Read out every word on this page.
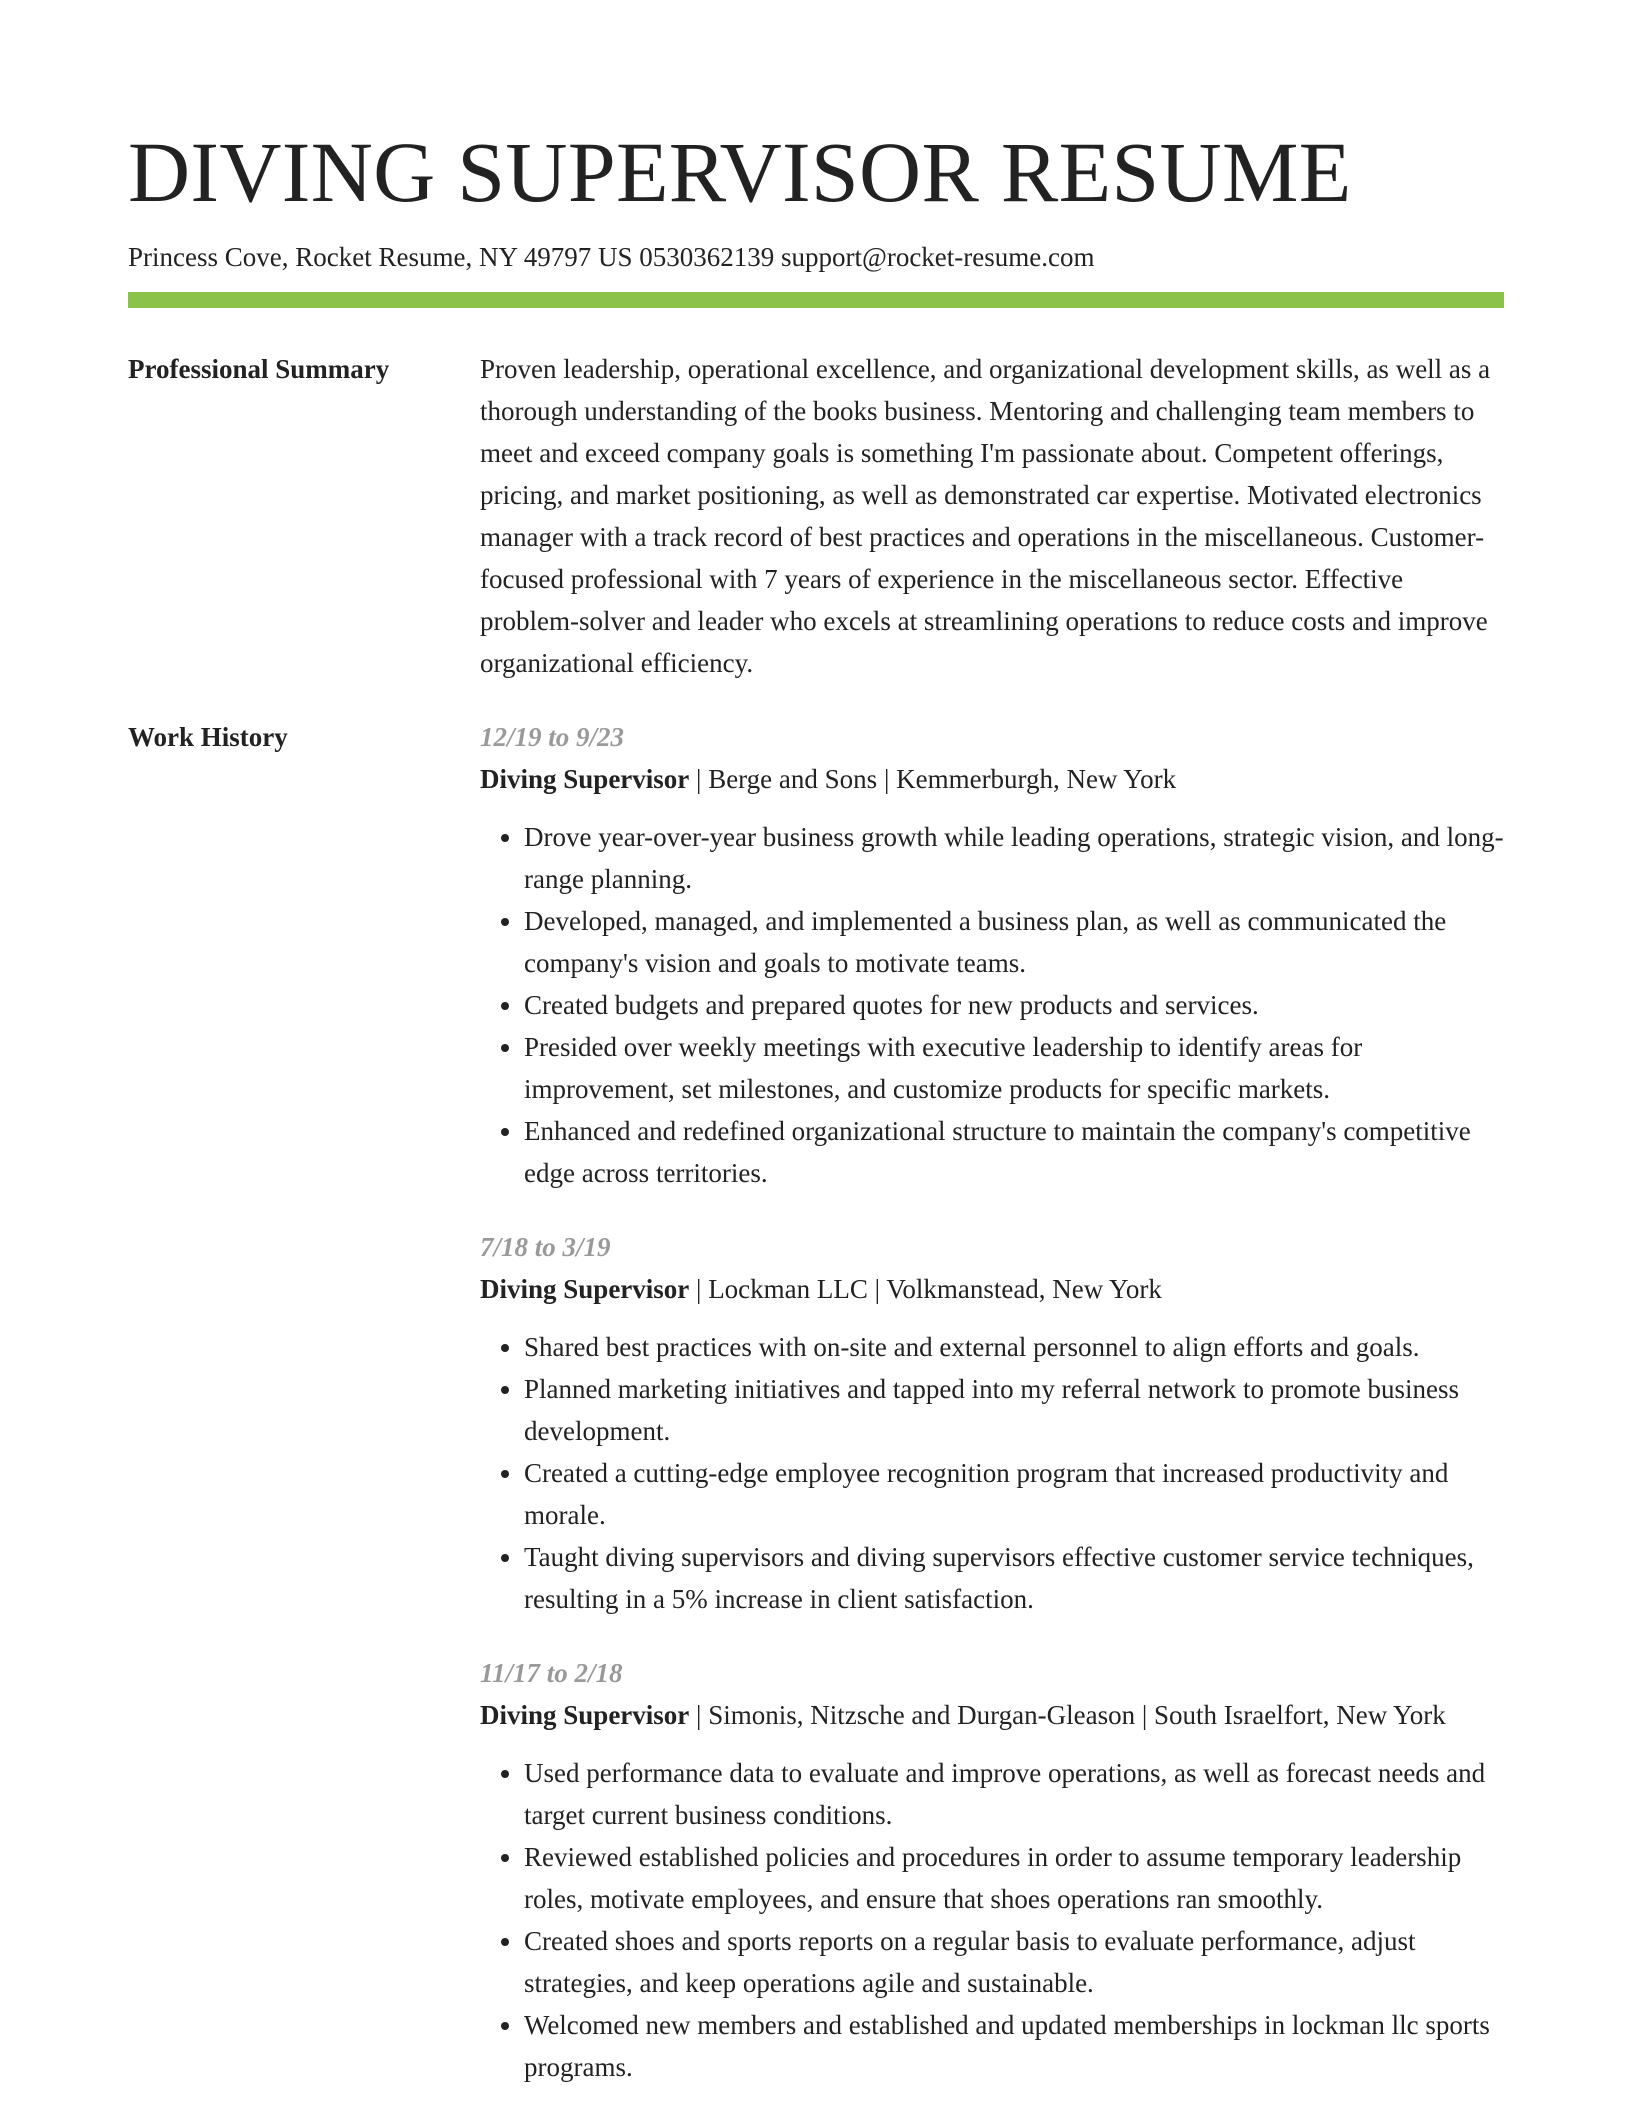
DIVING SUPERVISOR RESUME
Princess Cove, Rocket Resume, NY 49797 US 0530362139 support@rocket-resume.com
Professional Summary	Proven leadership, operational excellence, and organizational development skills, as well as a thorough understanding of the books business. Mentoring and challenging team members to meet and exceed company goals is something I'm passionate about. Competent offerings, pricing, and market positioning, as well as demonstrated car expertise. Motivated electronics manager with a track record of best practices and operations in the miscellaneous. Customer-focused professional with 7 years of experience in the miscellaneous sector. Effective problem-solver and leader who excels at streamlining operations to reduce costs and improve organizational efficiency.

Work History	12/19 to 9/23
Diving Supervisor | Berge and Sons | Kemmerburgh, New York
• Drove year-over-year business growth while leading operations, strategic vision, and long-range planning.
• Developed, managed, and implemented a business plan, as well as communicated the company's vision and goals to motivate teams.
• Created budgets and prepared quotes for new products and services.
• Presided over weekly meetings with executive leadership to identify areas for improvement, set milestones, and customize products for specific markets.
• Enhanced and redefined organizational structure to maintain the company's competitive edge across territories.
7/18 to 3/19
Diving Supervisor | Lockman LLC | Volkmanstead, New York
• Shared best practices with on-site and external personnel to align efforts and goals.
• Planned marketing initiatives and tapped into my referral network to promote business development.
• Created a cutting-edge employee recognition program that increased productivity and morale.
• Taught diving supervisors and diving supervisors effective customer service techniques, resulting in a 5% increase in client satisfaction.
11/17 to 2/18
Diving Supervisor | Simonis, Nitzsche and Durgan-Gleason | South Israelfort, New York
• Used performance data to evaluate and improve operations, as well as forecast needs and target current business conditions.
• Reviewed established policies and procedures in order to assume temporary leadership roles, motivate employees, and ensure that shoes operations ran smoothly.
• Created shoes and sports reports on a regular basis to evaluate performance, adjust strategies, and keep operations agile and sustainable.
• Welcomed new members and established and updated memberships in lockman llc sports programs.
